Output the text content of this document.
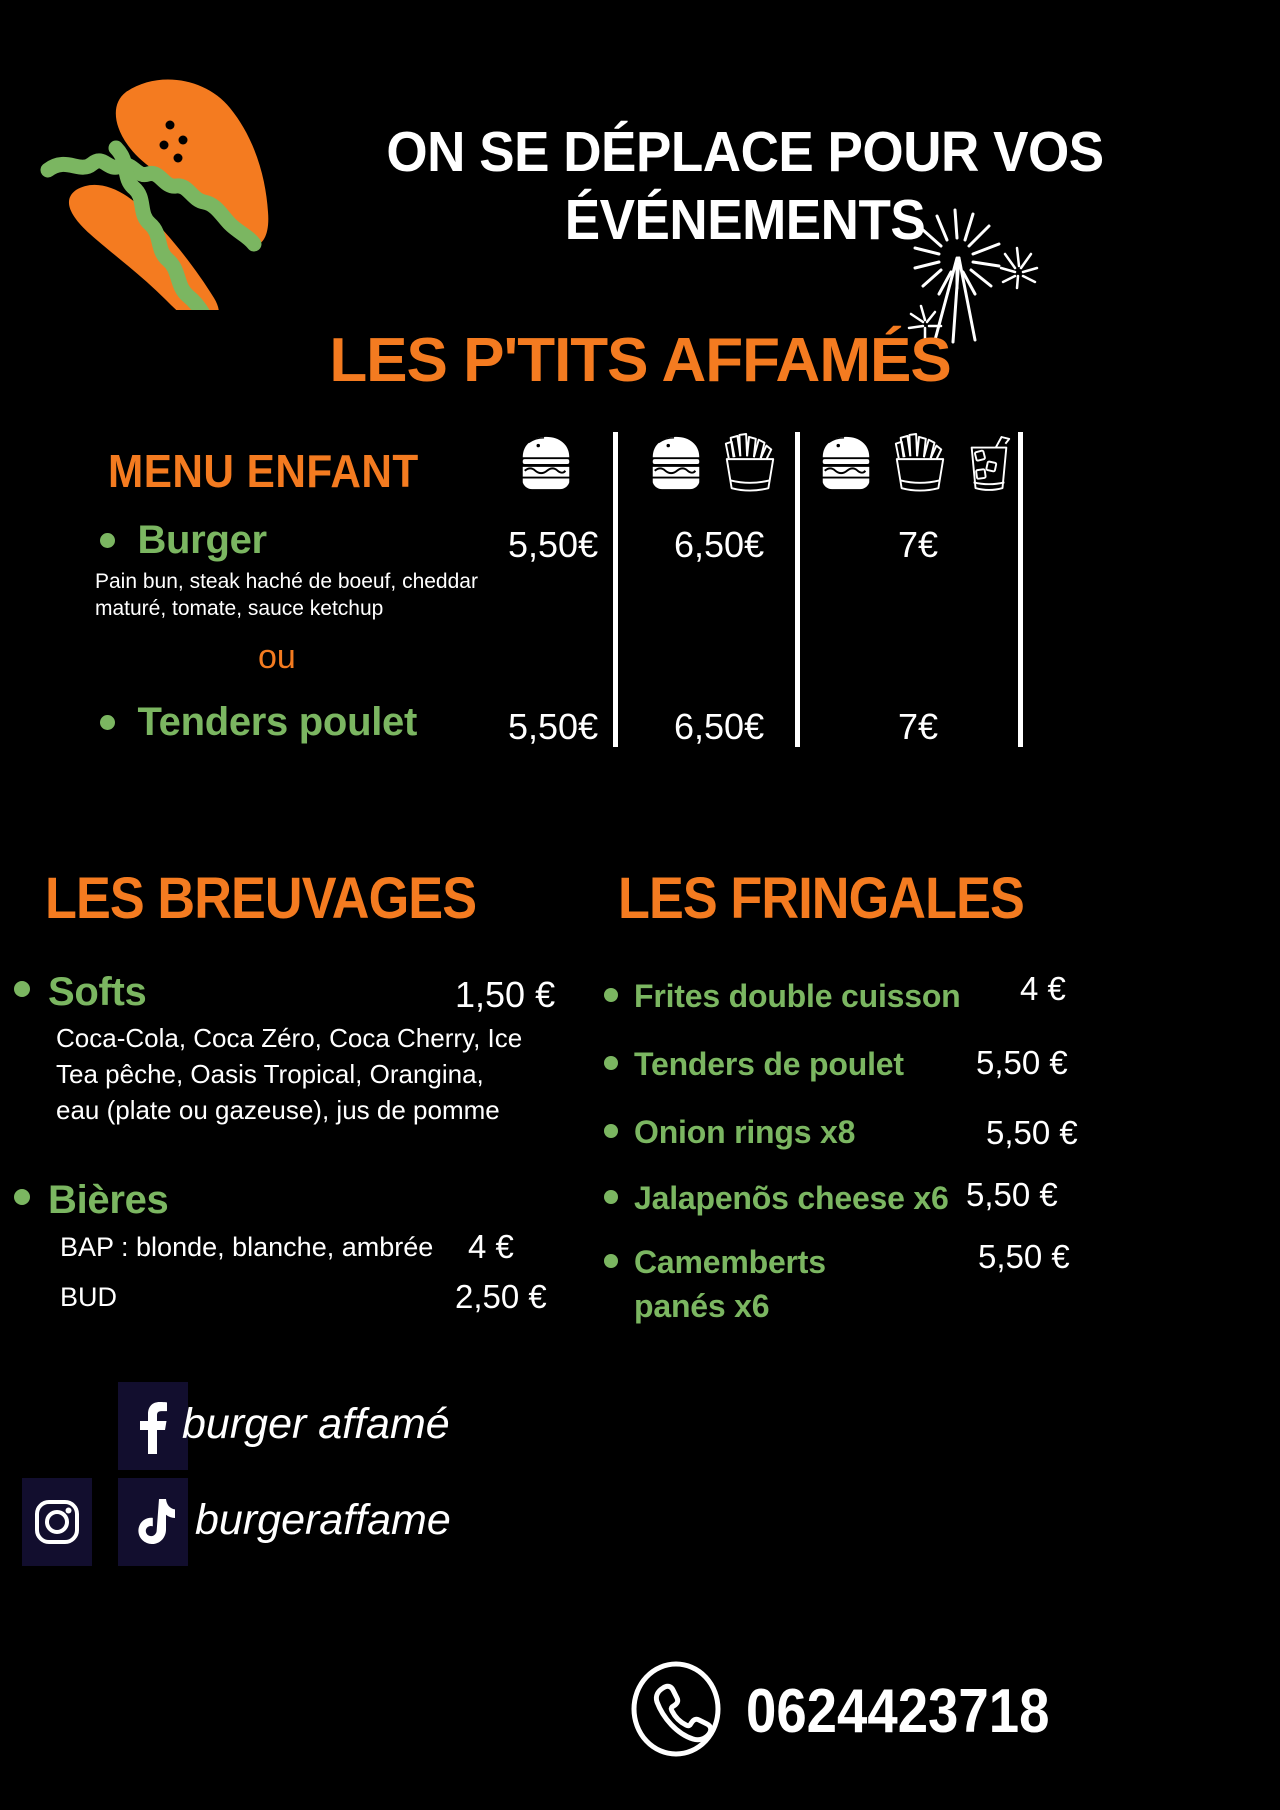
ON SE DÉPLACE POUR VOS
ÉVÉNEMENTS
LES P'TITS AFFAMÉS
MENU ENFANT
Burger	5,50€ 6,50€	7€
Pain bun, steak haché de boeuf, cheddar maturé, tomate, sauce ketchup
ou
Tenders poulet	5,50€ 6,50€	7€
LES BREUVAGES
Softs	1,50 €
Coca-Cola, Coca Zéro, Coca Cherry, Ice Tea pêche, Oasis Tropical, Orangina, eau (plate ou gazeuse), jus de pomme
Bières
BAP : blonde, blanche, ambrée 4 €
BUD	2,50 €
LES FRINGALES
Frites double cuisson 4 €
Tenders de poulet 5,50 €
Onion rings x8	5,50 €
Jalapenõs cheese x6 5,50 €
Camemberts panés x6
5,50 €
burger affamé
burgeraffame
0624423718
